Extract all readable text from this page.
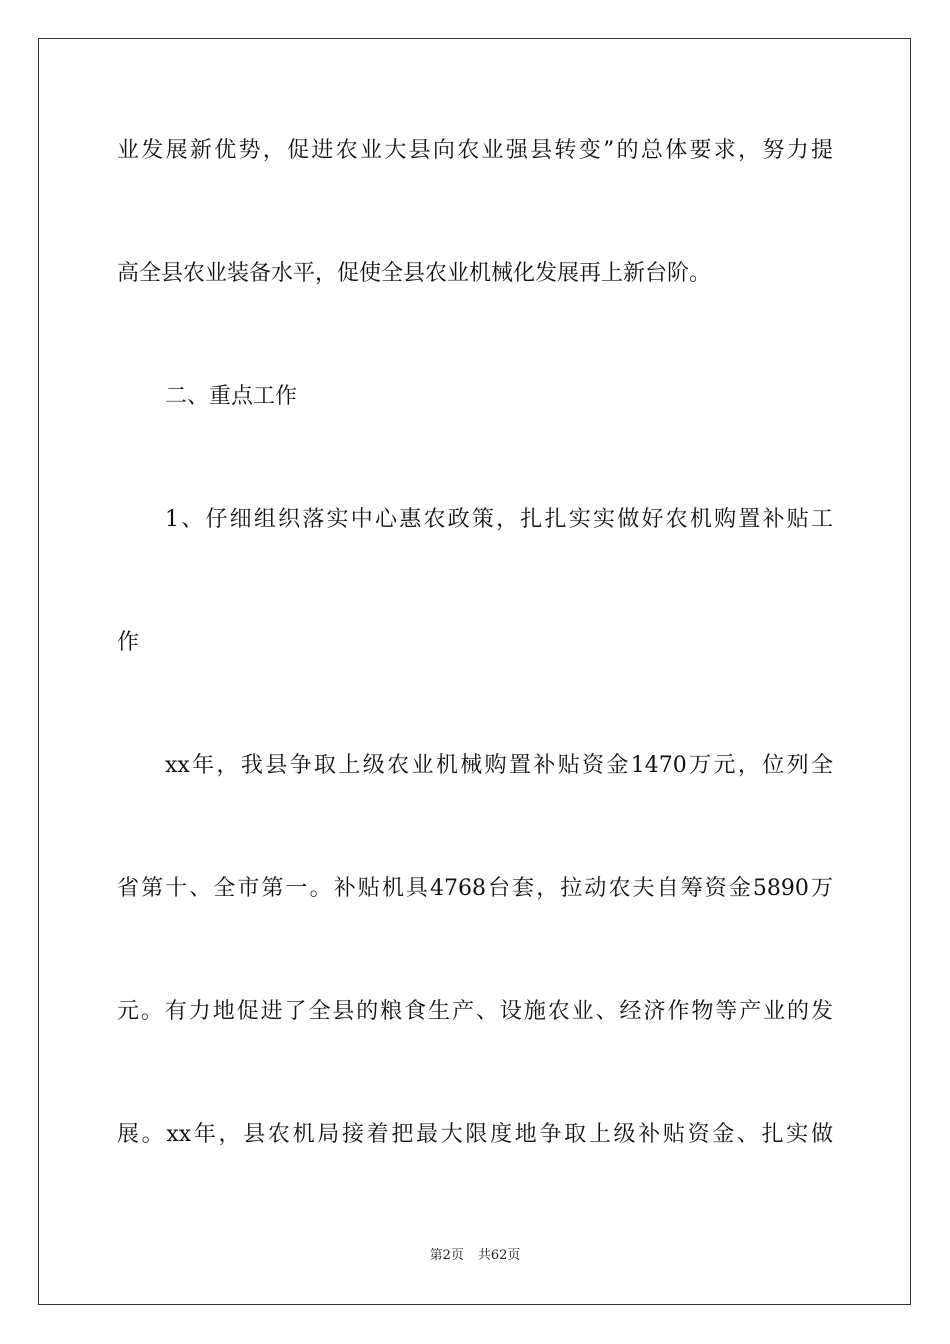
业发展新优势，促进农业大县向农业强县转变”的总体要求，努力提

高全县农业装备水平，促使全县农业机械化发展再上新台阶。

二、重点工作

1、仔细组织落实中心惠农政策，扎扎实实做好农机购置补贴工

作

xx年，我县争取上级农业机械购置补贴资金1470万元，位列全

省第十、全市第一。补贴机具4768台套，拉动农夫自筹资金5890万

元。有力地促进了全县的粮食生产、设施农业、经济作物等产业的发

展。xx年，县农机局接着把最大限度地争取上级补贴资金、扎实做

第2页 共62页
